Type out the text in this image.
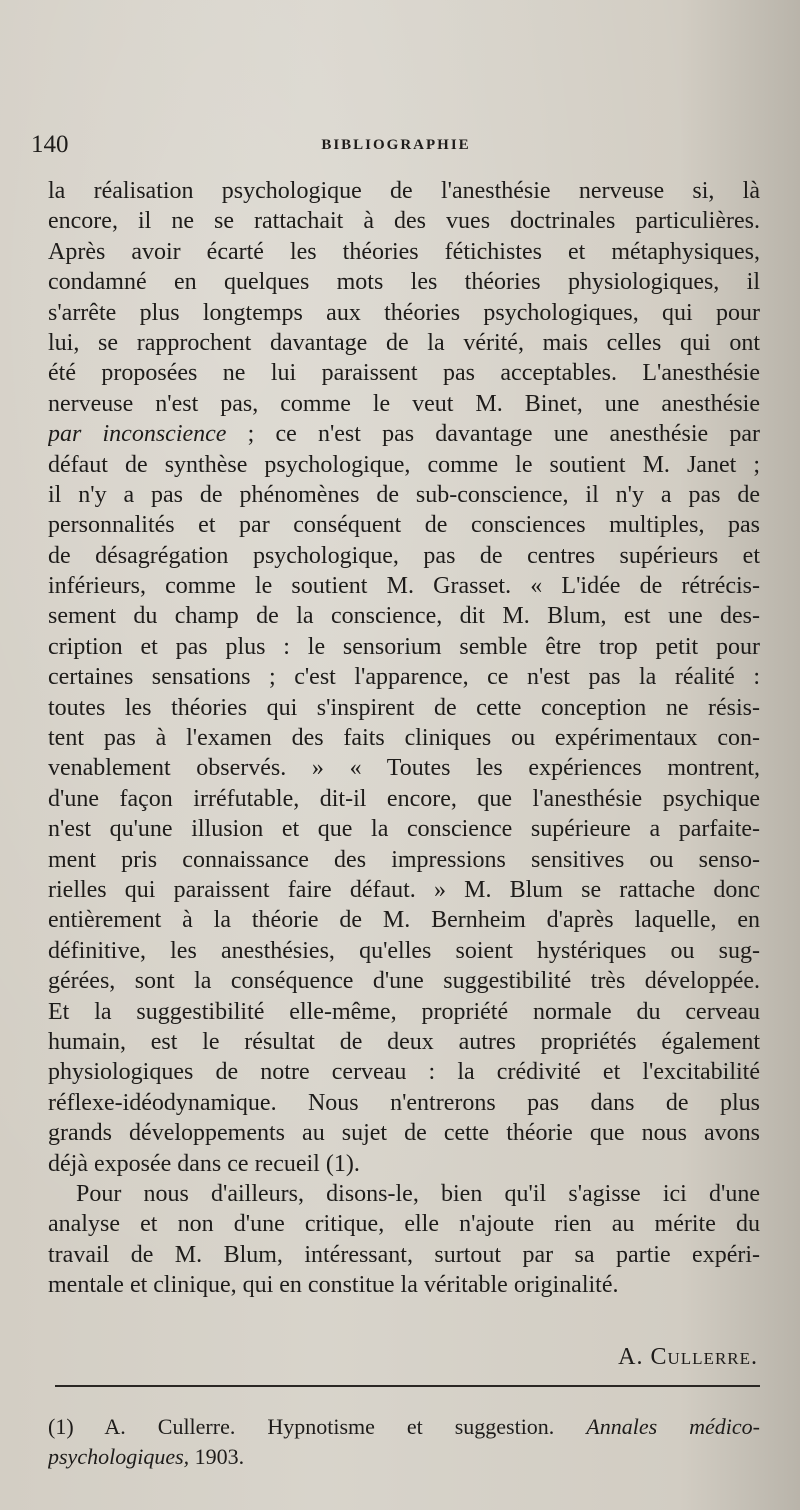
140	BIBLIOGRAPHIE
la réalisation psychologique de l'anesthésie nerveuse si, là
encore, il ne se rattachait à des vues doctrinales particulières.
Après avoir écarté les théories fétichistes et métaphysiques,
condamné en quelques mots les théories physiologiques, il
s'arrête plus longtemps aux théories psychologiques, qui pour
lui, se rapprochent davantage de la vérité, mais celles qui ont
été proposées ne lui paraissent pas acceptables. L'anesthésie
nerveuse n'est pas, comme le veut M. Binet, une anesthésie
par inconscience ; ce n'est pas davantage une anesthésie par
défaut de synthèse psychologique, comme le soutient M. Janet ;
il n'y a pas de phénomènes de sub-conscience, il n'y a pas de
personnalités et par conséquent de consciences multiples, pas
de désagrégation psychologique, pas de centres supérieurs et
inférieurs, comme le soutient M. Grasset. « L'idée de rétrécis-
sement du champ de la conscience, dit M. Blum, est une des-
cription et pas plus : le sensorium semble être trop petit pour
certaines sensations ; c'est l'apparence, ce n'est pas la réalité :
toutes les théories qui s'inspirent de cette conception ne résis-
tent pas à l'examen des faits cliniques ou expérimentaux con-
venablement observés. » « Toutes les expériences montrent,
d'une façon irréfutable, dit-il encore, que l'anesthésie psychique
n'est qu'une illusion et que la conscience supérieure a parfaite-
ment pris connaissance des impressions sensitives ou senso-
rielles qui paraissent faire défaut. » M. Blum se rattache donc
entièrement à la théorie de M. Bernheim d'après laquelle, en
définitive, les anesthésies, qu'elles soient hystériques ou sug-
gérées, sont la conséquence d'une suggestibilité très développée.
Et la suggestibilité elle-même, propriété normale du cerveau
humain, est le résultat de deux autres propriétés également
physiologiques de notre cerveau : la crédivité et l'excitabilité
réflexe-idéodynamique. Nous n'entrerons pas dans de plus
grands développements au sujet de cette théorie que nous avons
déjà exposée dans ce recueil (1).
Pour nous d'ailleurs, disons-le, bien qu'il s'agisse ici d'une
analyse et non d'une critique, elle n'ajoute rien au mérite du
travail de M. Blum, intéressant, surtout par sa partie expéri-
mentale et clinique, qui en constitue la véritable originalité.
A. Cullerre.
(1) A. Cullerre. Hypnotisme et suggestion. Annales médico-
psychologiques, 1903.
